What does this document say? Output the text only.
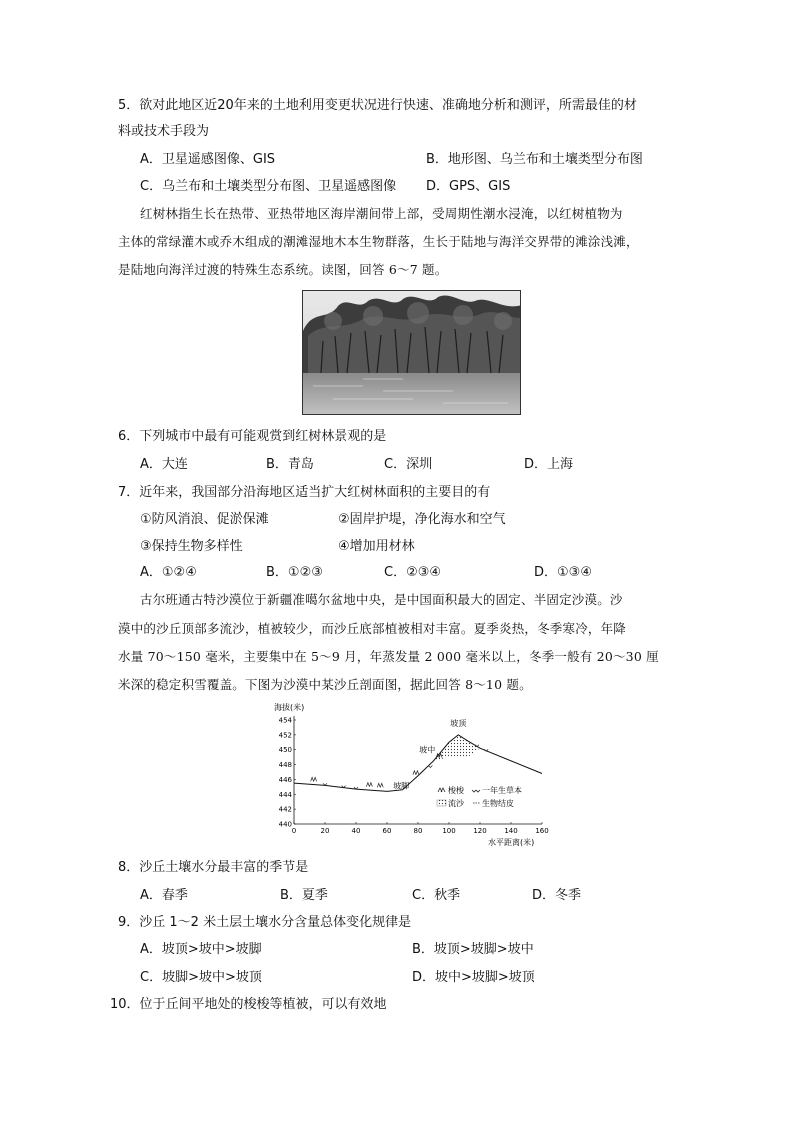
5．欲对此地区近20年来的土地利用变更状况进行快速、准确地分析和测评，所需最佳的材
料或技术手段为
A．卫星遥感图像、GIS	B．地形图、乌兰布和土壤类型分布图
C．乌兰布和土壤类型分布图、卫星遥感图像 D．GPS、GIS
红树林指生长在热带、亚热带地区海岸潮间带上部，受周期性潮水浸淹，以红树植物为
主体的常绿灌木或乔木组成的潮滩湿地木本生物群落，生长于陆地与海洋交界带的滩涂浅滩，
是陆地向海洋过渡的特殊生态系统。读图，回答 6～7 题。
6．下列城市中最有可能观赏到红树林景观的是
A．大连	B．青岛	C．深圳	D．上海
7．近年来，我国部分沿海地区适当扩大红树林面积的主要目的有
①防风消浪、促淤保滩	②固岸护堤，净化海水和空气
③保持生物多样性	④增加用材林
A．①②④	B．①②③	C．②③④	D．①③④
古尔班通古特沙漠位于新疆准噶尔盆地中央，是中国面积最大的固定、半固定沙漠。沙
漠中的沙丘顶部多流沙，植被较少，而沙丘底部植被相对丰富。夏季炎热，冬季寒冷，年降
水量 70～150 毫米，主要集中在 5～9 月，年蒸发量 2 000 毫米以上，冬季一般有 20～30 厘
米深的稳定积雪覆盖。下图为沙漠中某沙丘剖面图，据此回答 8～10 题。
海拔(米)
水平距离(米)
0	20	40	60	80	100	120	140	160
440
442
444
446
448
450
452
454	坡顶
坡中
坡脚
梭梭 一年生草本
流沙 生物结皮
8．沙丘土壤水分最丰富的季节是
A．春季	B．夏季	C．秋季	D．冬季
9．沙丘 1～2 米土层土壤水分含量总体变化规律是
A．坡顶>坡中>坡脚	B．坡顶>坡脚>坡中
C．坡脚>坡中>坡顶	D．坡中>坡脚>坡顶
10．位于丘间平地处的梭梭等植被，可以有效地
